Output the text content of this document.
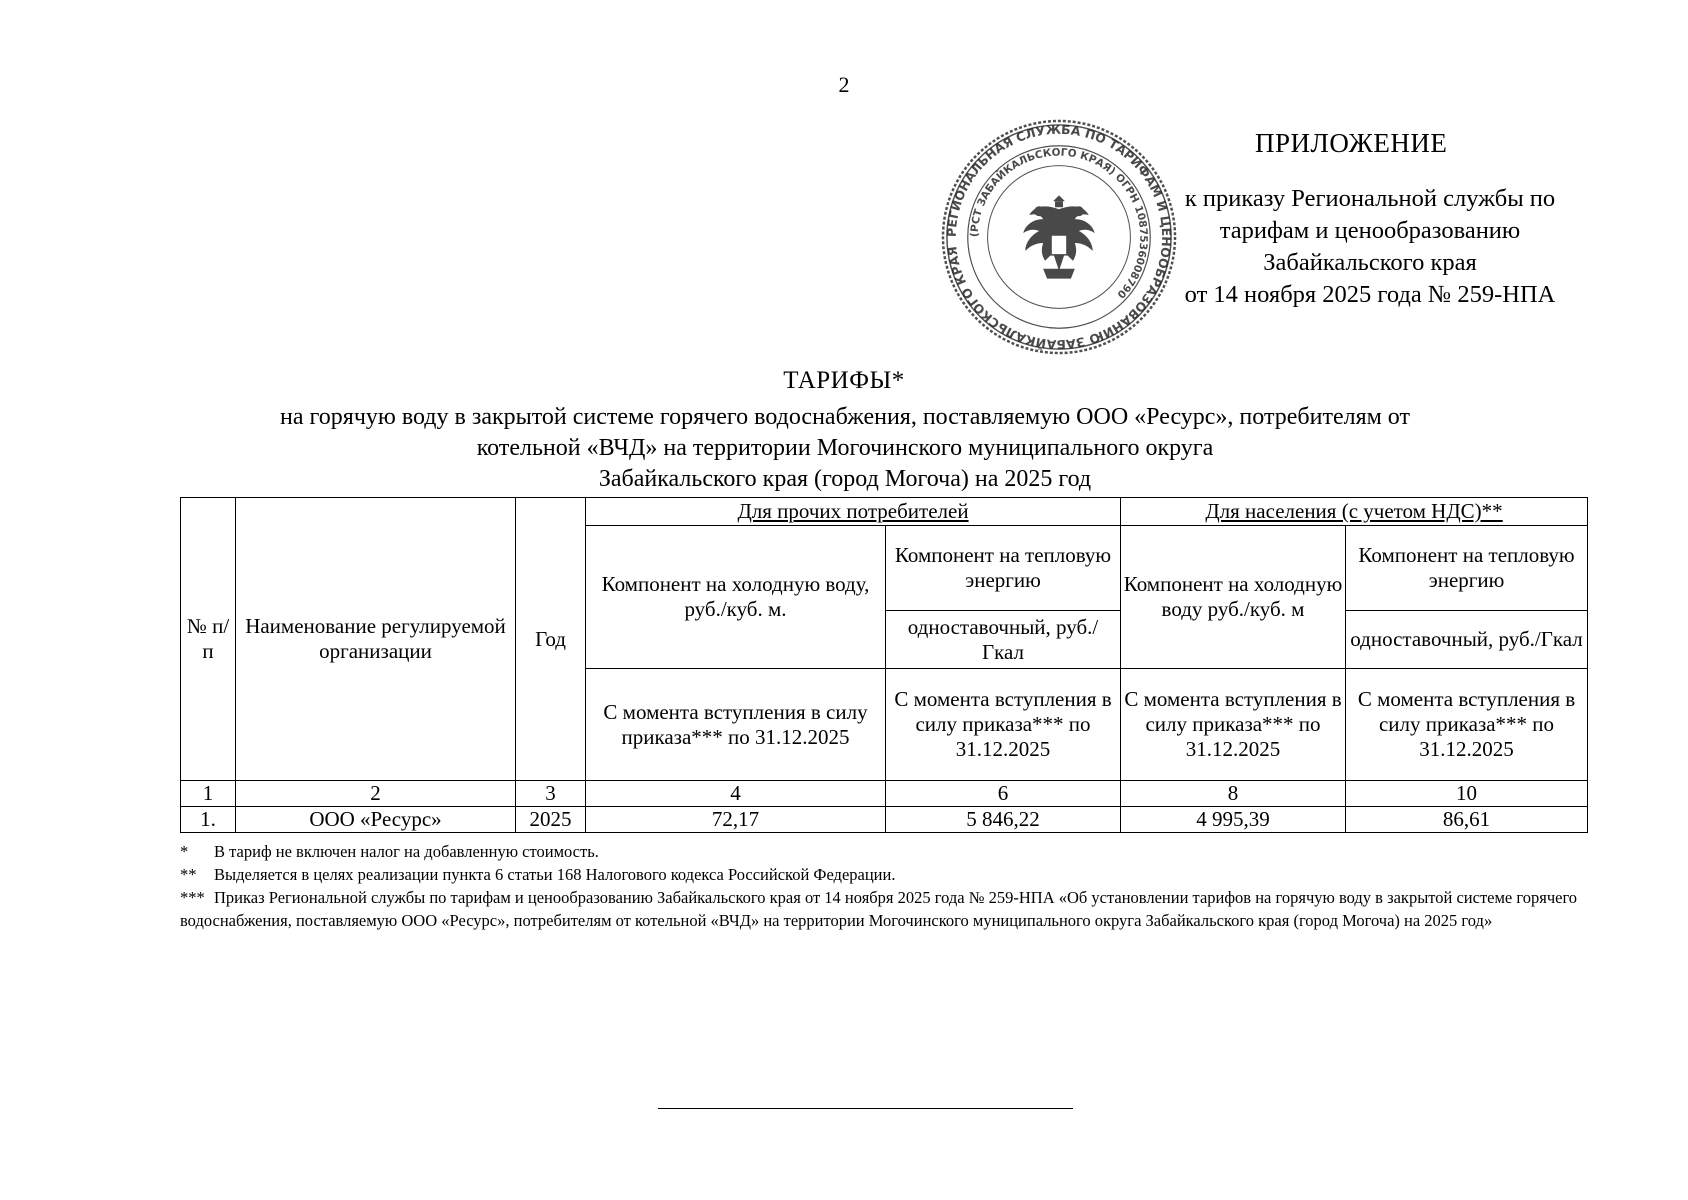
2
ПРИЛОЖЕНИЕ
к приказу Региональной службы по
тарифам и ценообразованию
Забайкальского края
от 14 ноября 2025 года № 259-НПА
РЕГИОНАЛЬНАЯ СЛУЖБА ПО ТАРИФАМ И ЦЕНООБРАЗОВАНИЮ ЗАБАЙКАЛЬСКОГО КРАЯ
(РСТ ЗАБАЙКАЛЬСКОГО КРАЯ) ОГРН 1087536008790
ТАРИФЫ*
на горячую воду в закрытой системе горячего водоснабжения, поставляемую ООО «Ресурс», потребителям от
котельной «ВЧД» на территории Могочинского муниципального округа
Забайкальского края (город Могоча) на 2025 год
№ п/п	Наименование регулируемой организации	Год	Для прочих потребителей		Для населения (с учетом НДС)**	
			Компонент на холодную воду, руб./куб. м.	Компонент на тепловую энергию	Компонент на холодную воду руб./куб. м	Компонент на тепловую энергию
				одноставочный, руб./Гкал		одноставочный, руб./Гкал
			С момента вступления в силу приказа*** по 31.12.2025	С момента вступления в силу приказа*** по 31.12.2025	С момента вступления в силу приказа*** по 31.12.2025	С момента вступления в силу приказа*** по 31.12.2025
1	2	3	4	6	8	10
1.	ООО «Ресурс»	2025	72,17	5 846,22	4 995,39	86,61

* В тариф не включен налог на добавленную стоимость.

** Выделяется в целях реализации пункта 6 статьи 168 Налогового кодекса Российской Федерации.

*** Приказ Региональной службы по тарифам и ценообразованию Забайкальского края от 14 ноября 2025 года № 259-НПА «Об установлении тарифов на горячую воду в закрытой системе горячего водоснабжения, поставляемую ООО «Ресурс», потребителям от котельной «ВЧД» на территории Могочинского муниципального округа Забайкальского края (город Могоча) на 2025 год»
